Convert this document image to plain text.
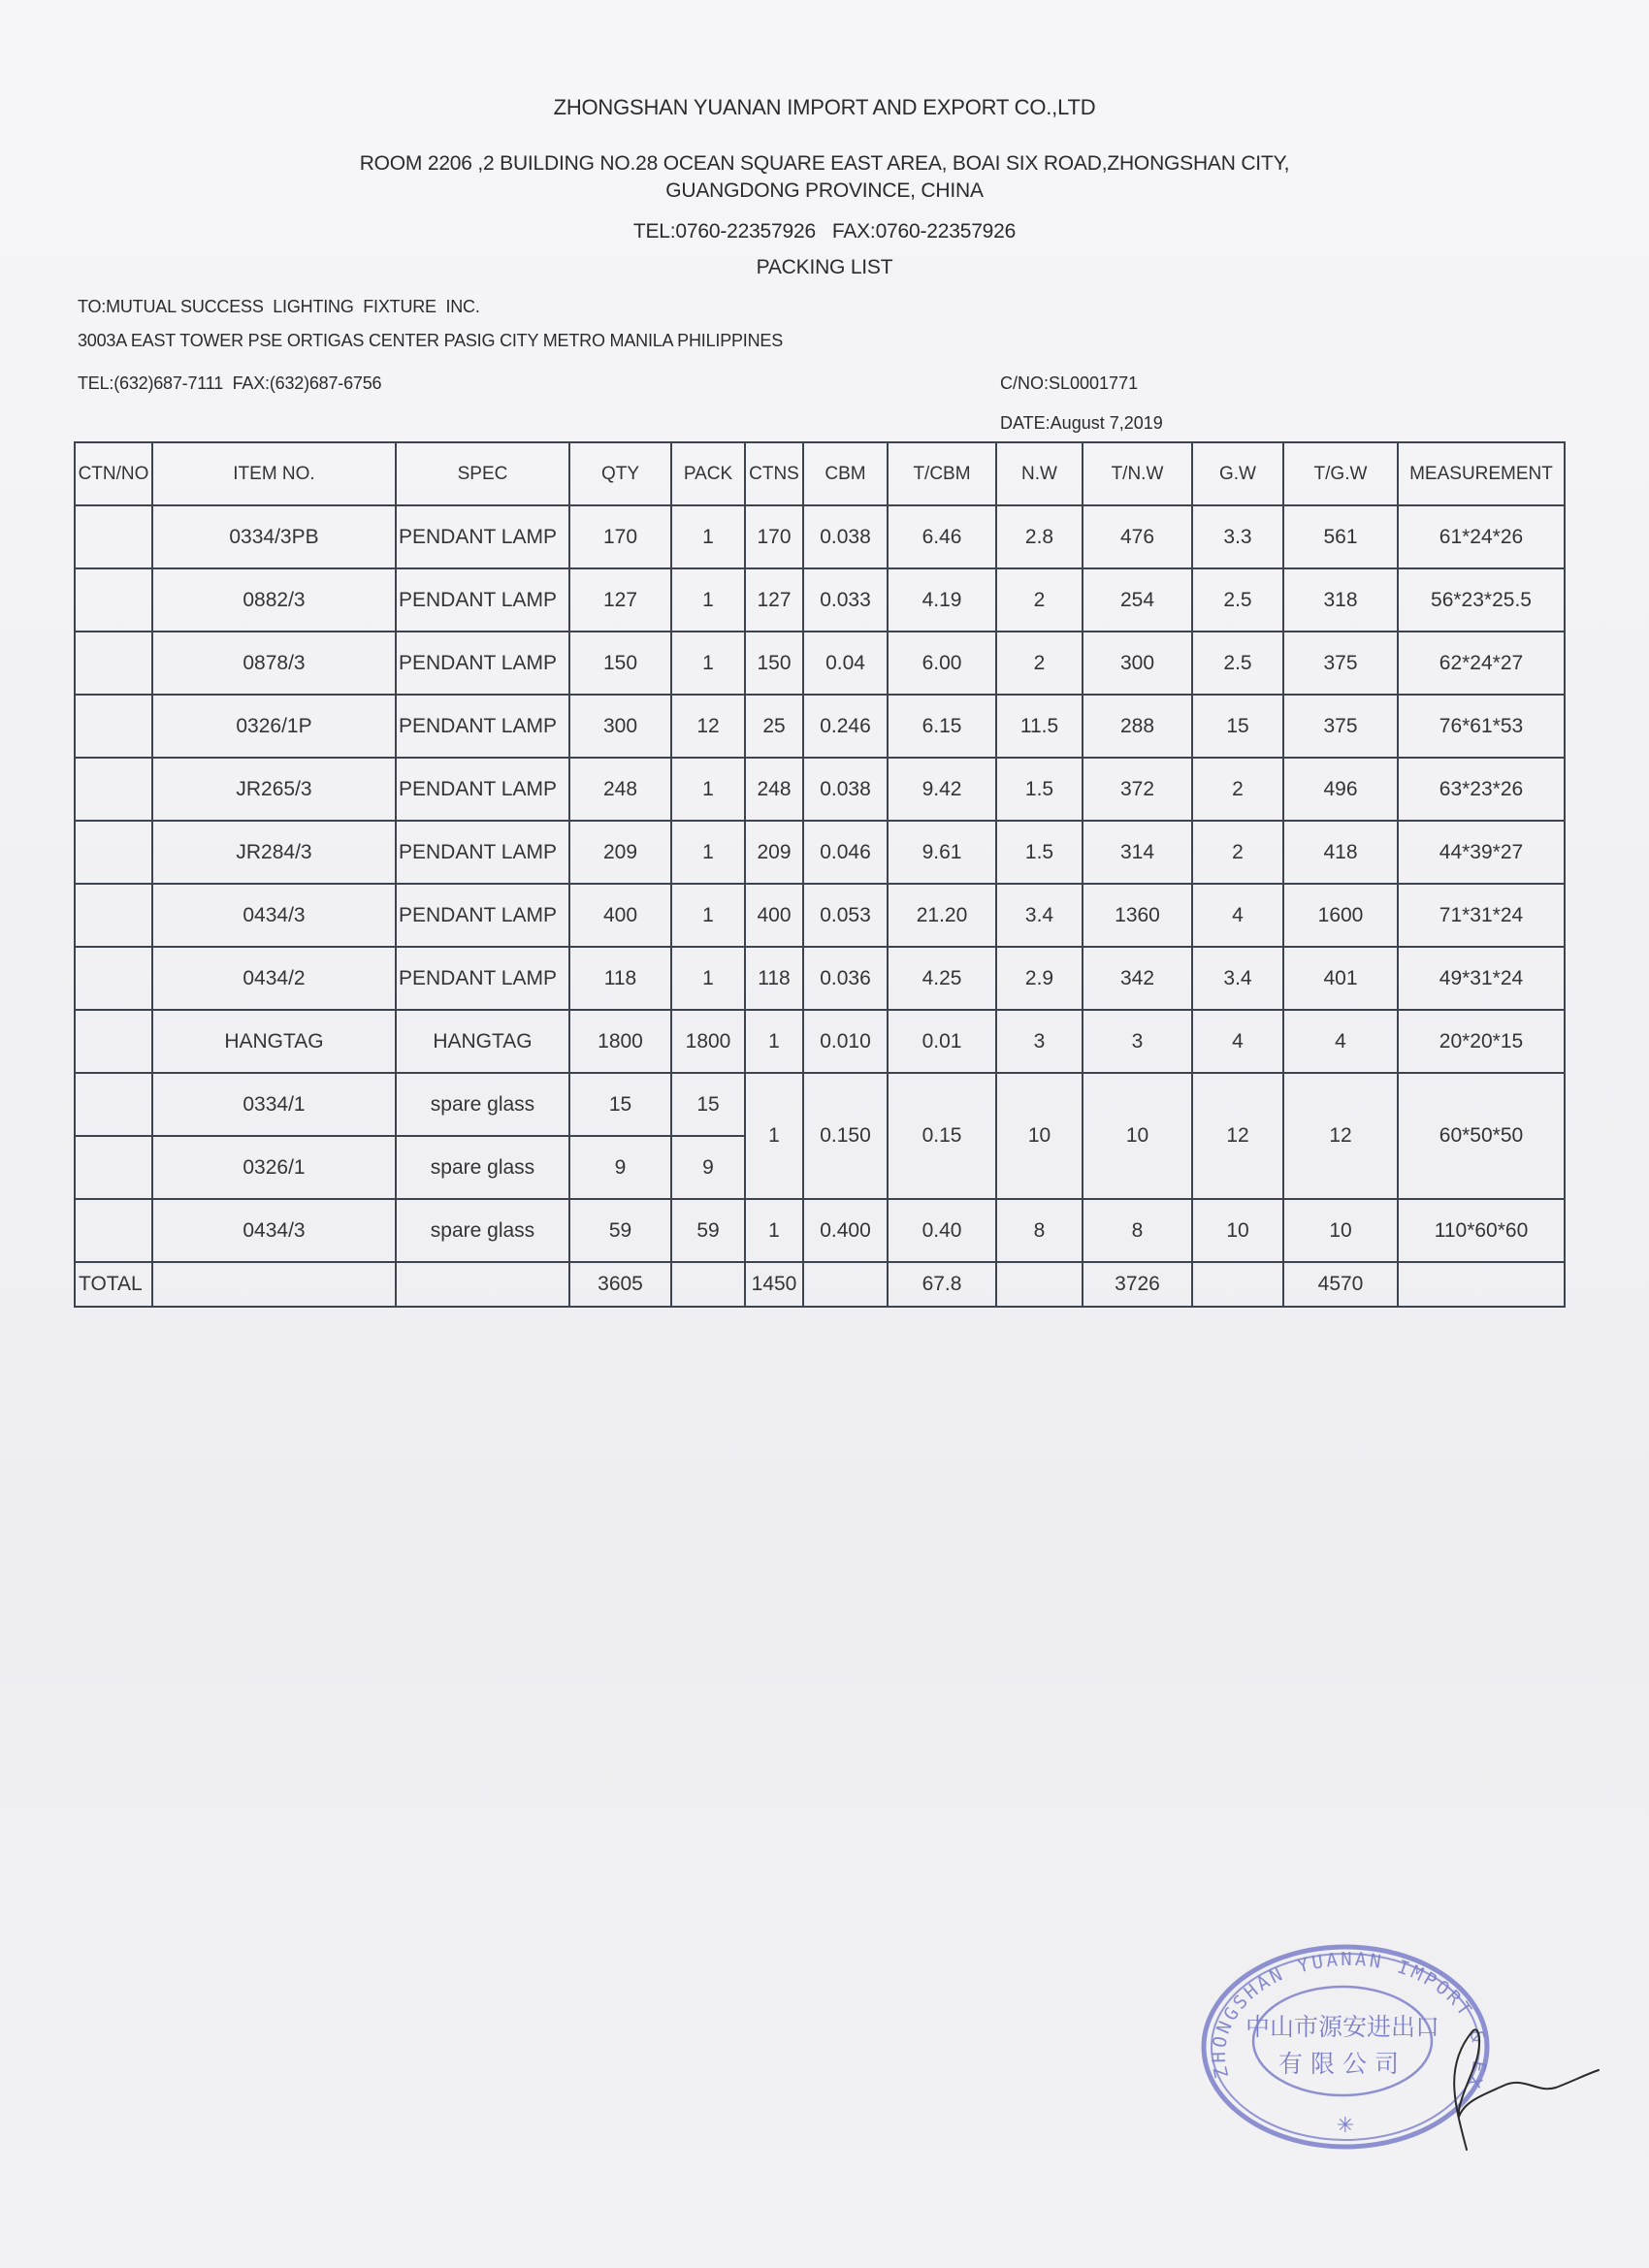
ZHONGSHAN YUANAN IMPORT AND EXPORT CO.,LTD
ROOM 2206 ,2 BUILDING NO.28 OCEAN SQUARE EAST AREA, BOAI SIX ROAD,ZHONGSHAN CITY,
GUANGDONG PROVINCE, CHINA
TEL:0760-22357926   FAX:0760-22357926
PACKING LIST
TO:MUTUAL SUCCESS  LIGHTING  FIXTURE  INC.
3003A EAST TOWER PSE ORTIGAS CENTER PASIG CITY METRO MANILA PHILIPPINES
TEL:(632)687-7111  FAX:(632)687-6756	C/NO:SL0001771
DATE:August 7,2019
CTN/NO	ITEM NO.	SPEC	QTY	PACK	CTNS	CBM	T/CBM	N.W	T/N.W	G.W	T/G.W	MEASUREMENT
	0334/3PB	PENDANT LAMP	170	1	170	0.038	6.46	2.8	476	3.3	561	61*24*26
	0882/3	PENDANT LAMP	127	1	127	0.033	4.19	2	254	2.5	318	56*23*25.5
	0878/3	PENDANT LAMP	150	1	150	0.04	6.00	2	300	2.5	375	62*24*27
	0326/1P	PENDANT LAMP	300	12	25	0.246	6.15	11.5	288	15	375	76*61*53
	JR265/3	PENDANT LAMP	248	1	248	0.038	9.42	1.5	372	2	496	63*23*26
	JR284/3	PENDANT LAMP	209	1	209	0.046	9.61	1.5	314	2	418	44*39*27
	0434/3	PENDANT LAMP	400	1	400	0.053	21.20	3.4	1360	4	1600	71*31*24
	0434/2	PENDANT LAMP	118	1	118	0.036	4.25	2.9	342	3.4	401	49*31*24
	HANGTAG	HANGTAG	1800	1800	1	0.010	0.01	3	3	4	4	20*20*15
	0334/1	spare glass	15	15	1	0.150	0.15	10	10	12	12	60*50*50
	0326/1	spare glass	9	9								
	0434/3	spare glass	59	59	1	0.400	0.40	8	8	10	10	110*60*60
TOTAL			3605		1450		67.8		3726		4570	
ZHONGSHAN YUANAN IMPORT & EX
中山市源安进出口
有限公司
✳
